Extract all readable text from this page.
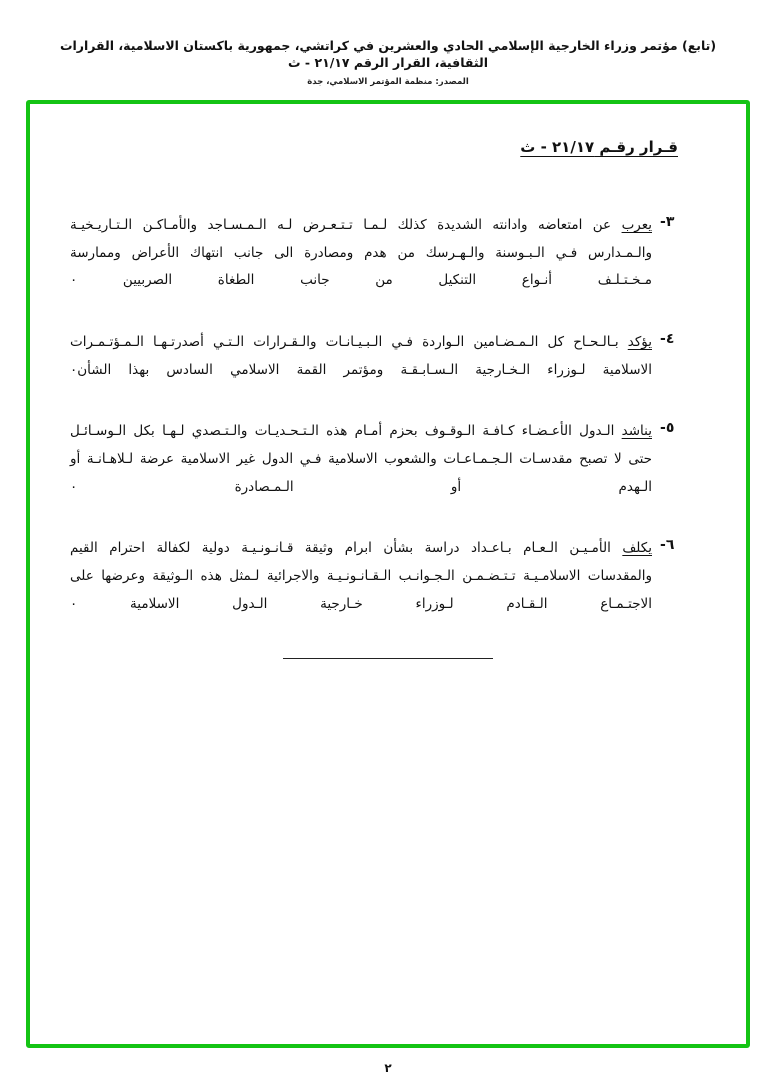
(تابع) مؤتمر وزراء الخارجية الإسلامي الحادي والعشرين في كراتشي، جمهورية باكستان الاسلامية، القرارات الثقافية، القرار الرقم ٢١/١٧ - ث
المصدر: منظمة المؤتمر الاسلامي، جدة
قـرار رقـم ٢١/١٧ - ث
٣-
يعرب عن امتعاضه وادانته الشديدة كذلك لـمـا تـتـعـرض لـه الـمـسـاجد والأمـاكـن الـتـاريـخيـة والـمـدارس فـي الـبـوسنة والـهـرسك من هدم ومصادرة الى جانب انتهاك الأعراض وممارسة مـخـتـلـف أنـواع التنكيل من جانب الطغاة الصربيين ٠
٤-
يؤكد بـالـحـاح كل الـمـضـامين الـواردة فـي الـبـيـانـات والـقـرارات الـتـي أصدرتـهـا الـمـؤتـمـرات الاسلامية لـوزراء الـخـارجية الـسـابـقـة ومؤتمر القمة الاسلامي السادس بهذا الشأن٠
٥-
يناشد الـدول الأعـضـاء كـافـة الـوقـوف بحزم أمـام هذه الـتـحـديـات والـتـصدي لـهـا بكل الـوسـائـل حتى لا تصبح مقدسـات الـجـمـاعـات والشعوب الاسلامية فـي الدول غير الاسلامية عرضة لـلاهـانـة أو الـهدم أو الـمـصادرة ٠
٦-
يكلف الأمـيـن الـعـام بـاعـداد دراسة بشأن ابرام وثيقة قـانـونـيـة دولية لكفالة احترام القيم والمقدسات الاسلامـيـة تـتـضـمـن الـجـوانـب الـقـانـونـيـة والاجرائية لـمثل هذه الـوثيقة وعرضها على الاجتـمـاع الـقـادم لـوزراء خـارجية الـدول الاسلامية ٠
٢
